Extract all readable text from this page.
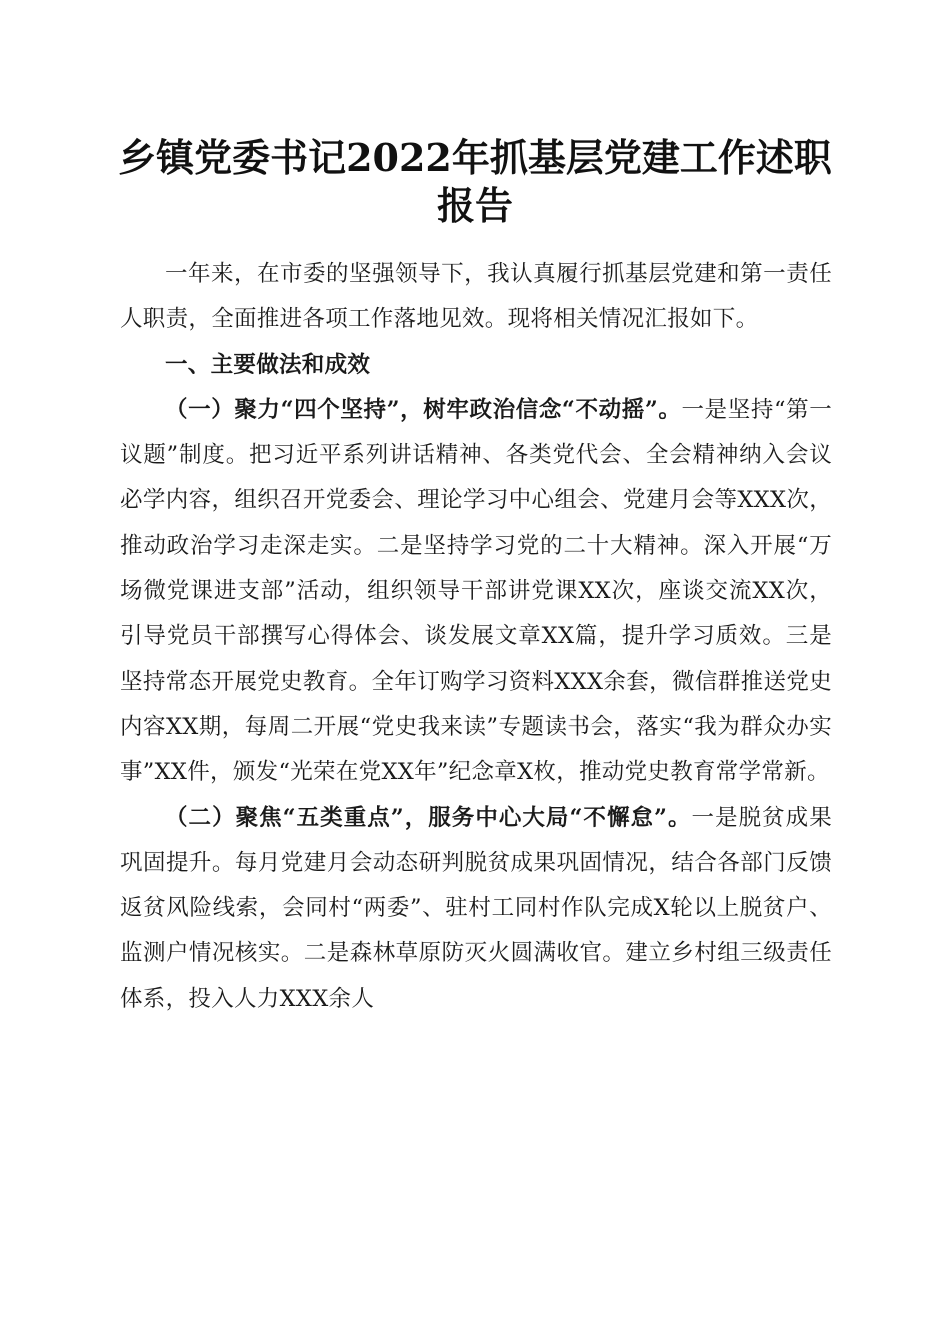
乡镇党委书记2022年抓基层党建工作述职报告

一年来，在市委的坚强领导下，我认真履行抓基层党建和第一责任人职责，全面推进各项工作落地见效。现将相关情况汇报如下。

一、主要做法和成效

（一）聚力“四个坚持”，树牢政治信念“不动摇”。一是坚持“第一议题”制度。把习近平系列讲话精神、各类党代会、全会精神纳入会议必学内容，组织召开党委会、理论学习中心组会、党建月会等XXX次，推动政治学习走深走实。二是坚持学习党的二十大精神。深入开展“万场微党课进支部”活动，组织领导干部讲党课XX次，座谈交流XX次，引导党员干部撰写心得体会、谈发展文章XX篇，提升学习质效。三是坚持常态开展党史教育。全年订购学习资料XXX余套，微信群推送党史内容XX期，每周二开展“党史我来读”专题读书会，落实“我为群众办实事”XX件，颁发“光荣在党XX年”纪念章X枚，推动党史教育常学常新。

（二）聚焦“五类重点”，服务中心大局“不懈怠”。一是脱贫成果巩固提升。每月党建月会动态研判脱贫成果巩固情况，结合各部门反馈返贫风险线索，会同村“两委”、驻村工同村作队完成X轮以上脱贫户、监测户情况核实。二是森林草原防灭火圆满收官。建立乡村组三级责任体系，投入人力XXX余人
